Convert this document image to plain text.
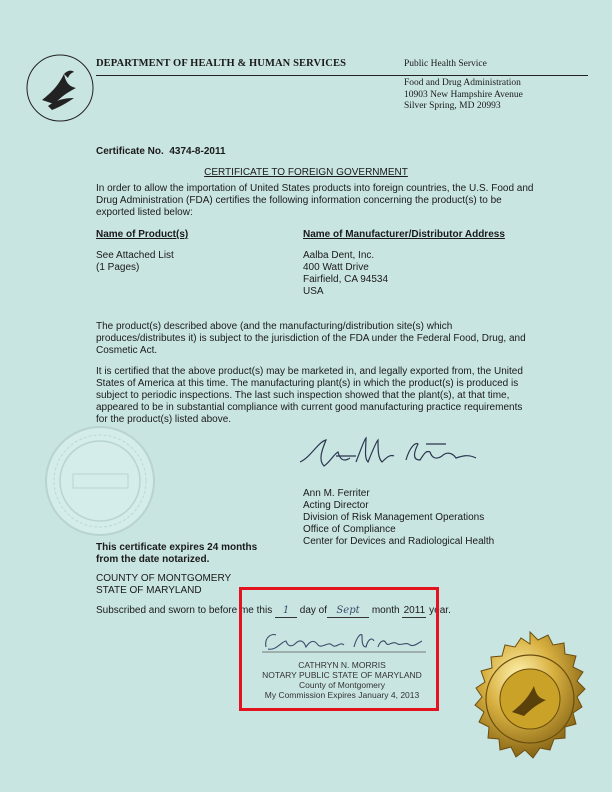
DEPARTMENT OF HEALTH & HUMAN SERVICES	Public Health Service
Food and Drug Administration
10903 New Hampshire Avenue
Silver Spring, MD 20993
Certificate No. 4374-8-2011
CERTIFICATE TO FOREIGN GOVERNMENT
In order to allow the importation of United States products into foreign countries, the U.S. Food and Drug Administration (FDA) certifies the following information concerning the product(s) to be exported listed below:
Name of Product(s)	Name of Manufacturer/Distributor Address
See Attached List
(1 Pages)
Aalba Dent, Inc.
400 Watt Drive
Fairfield, CA 94534
USA
The product(s) described above (and the manufacturing/distribution site(s) which produces/distributes it) is subject to the jurisdiction of the FDA under the Federal Food, Drug, and Cosmetic Act.
It is certified that the above product(s) may be marketed in, and legally exported from, the United States of America at this time. The manufacturing plant(s) in which the product(s) is produced is subject to periodic inspections. The last such inspection showed that the plant(s), at that time, appeared to be in substantial compliance with current good manufacturing practice requirements for the product(s) listed above.
Ann M. Ferriter
Acting Director
Division of Risk Management Operations
Office of Compliance
Center for Devices and Radiological Health
This certificate expires 24 months
from the date notarized.
COUNTY OF MONTGOMERY
STATE OF MARYLAND
Subscribed and sworn to before me this 1 day of Sept month 2011 year.
CATHRYN N. MORRIS
NOTARY PUBLIC STATE OF MARYLAND
County of Montgomery
My Commission Expires January 4, 2013
